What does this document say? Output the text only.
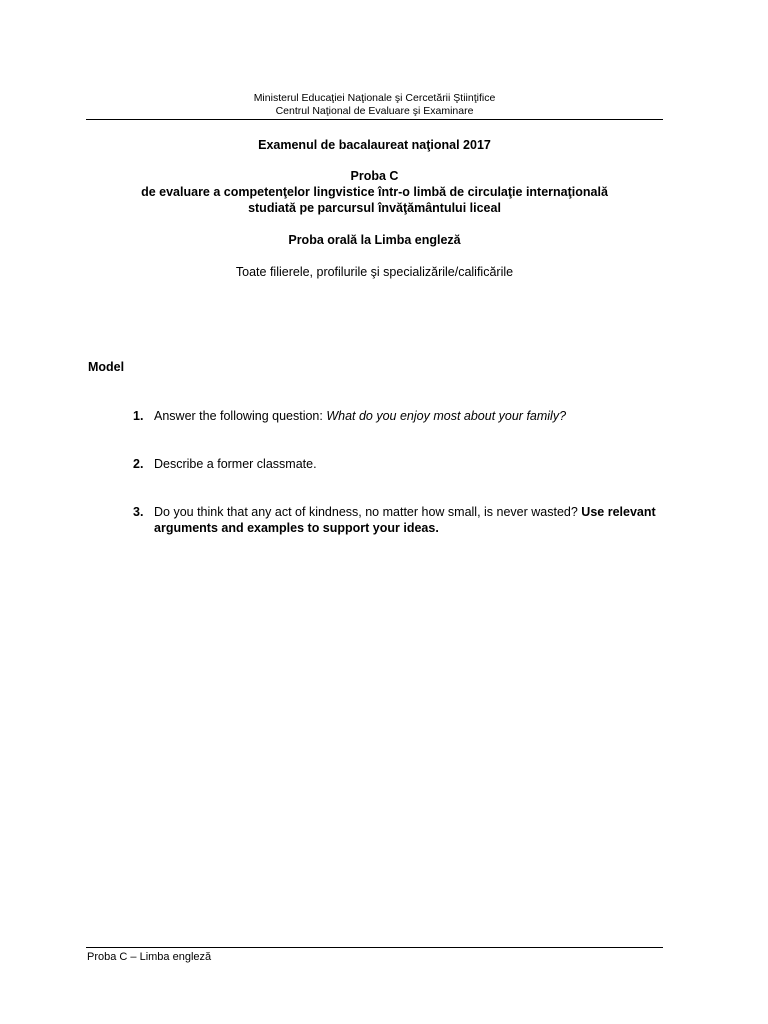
Ministerul Educaţiei Naţionale şi Cercetării Ştiinţifice
Centrul Naţional de Evaluare şi Examinare
Examenul de bacalaureat naţional 2017
Proba C
de evaluare a competenţelor lingvistice într-o limbă de circulaţie internaţională
studiată pe parcursul învăţământului liceal
Proba orală la Limba engleză
Toate filierele, profilurile şi specializările/calificările
Model
1. Answer the following question: What do you enjoy most about your family?
2. Describe a former classmate.
3. Do you think that any act of kindness, no matter how small, is never wasted? Use relevant arguments and examples to support your ideas.
Proba C – Limba engleză
